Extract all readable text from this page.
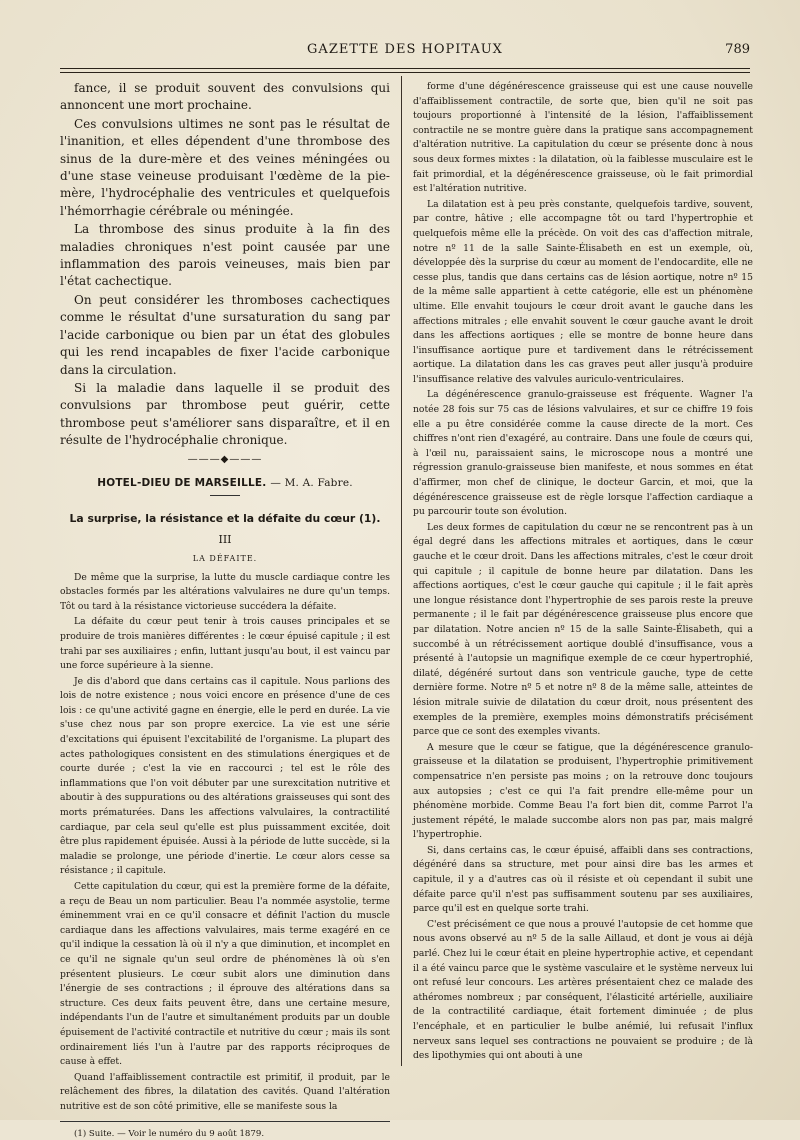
GAZETTE DES HOPITAUX	789

fance, il se produit souvent des convulsions qui annoncent une mort prochaine.

Ces convulsions ultimes ne sont pas le résultat de l'inanition, et elles dépendent d'une thrombose des sinus de la dure-mère et des veines méningées ou d'une stase veineuse produisant l'œdème de la pie-mère, l'hydrocéphalie des ventricules et quelquefois l'hémorrhagie cérébrale ou méningée.

La thrombose des sinus produite à la fin des maladies chroniques n'est point causée par une inflammation des parois veineuses, mais bien par l'état cachectique.

On peut considérer les thromboses cachectiques comme le résultat d'une sursaturation du sang par l'acide carbonique ou bien par un état des globules qui les rend incapables de fixer l'acide carbonique dans la circulation.

Si la maladie dans laquelle il se produit des convulsions par thrombose peut guérir, cette thrombose peut s'améliorer sans disparaître, et il en résulte de l'hydrocéphalie chronique.

———◆———
HOTEL-DIEU DE MARSEILLE. — M. A. Fabre.
La surprise, la résistance et la défaite du cœur (1).
III
LA DÉFAITE.

De même que la surprise, la lutte du muscle cardiaque contre les obstacles formés par les altérations valvulaires ne dure qu'un temps. Tôt ou tard à la résistance victorieuse succédera la défaite.

La défaite du cœur peut tenir à trois causes principales et se produire de trois manières différentes : le cœur épuisé capitule ; il est trahi par ses auxiliaires ; enfin, luttant jusqu'au bout, il est vaincu par une force supérieure à la sienne.

Je dis d'abord que dans certains cas il capitule. Nous parlions des lois de notre existence ; nous voici encore en présence d'une de ces lois : ce qu'une activité gagne en énergie, elle le perd en durée. La vie s'use chez nous par son propre exercice. La vie est une série d'excitations qui épuisent l'excitabilité de l'organisme. La plupart des actes pathologiques consistent en des stimulations énergiques et de courte durée ; c'est la vie en raccourci ; tel est le rôle des inflammations que l'on voit débuter par une surexcitation nutritive et aboutir à des suppurations ou des altérations graisseuses qui sont des morts prématurées. Dans les affections valvulaires, la contractilité cardiaque, par cela seul qu'elle est plus puissamment excitée, doit être plus rapidement épuisée. Aussi à la période de lutte succède, si la maladie se prolonge, une période d'inertie. Le cœur alors cesse sa résistance ; il capitule.

Cette capitulation du cœur, qui est la première forme de la défaite, a reçu de Beau un nom particulier. Beau l'a nommée asystolie, terme éminemment vrai en ce qu'il consacre et définit l'action du muscle cardiaque dans les affections valvulaires, mais terme exagéré en ce qu'il indique la cessation là où il n'y a que diminution, et incomplet en ce qu'il ne signale qu'un seul ordre de phénomènes là où s'en présentent plusieurs. Le cœur subit alors une diminution dans l'énergie de ses contractions ; il éprouve des altérations dans sa structure. Ces deux faits peuvent être, dans une certaine mesure, indépendants l'un de l'autre et simultanément produits par un double épuisement de l'activité contractile et nutritive du cœur ; mais ils sont ordinairement liés l'un à l'autre par des rapports réciproques de cause à effet.

Quand l'affaiblissement contractile est primitif, il produit, par le relâchement des fibres, la dilatation des cavités. Quand l'altération nutritive est de son côté primitive, elle se manifeste sous la

(1) Suite. — Voir le numéro du 9 août 1879.

forme d'une dégénérescence graisseuse qui est une cause nouvelle d'affaiblissement contractile, de sorte que, bien qu'il ne soit pas toujours proportionné à l'intensité de la lésion, l'affaiblissement contractile ne se montre guère dans la pratique sans accompagnement d'altération nutritive. La capitulation du cœur se présente donc à nous sous deux formes mixtes : la dilatation, où la faiblesse musculaire est le fait primordial, et la dégénérescence graisseuse, où le fait primordial est l'altération nutritive.

La dilatation est à peu près constante, quelquefois tardive, souvent, par contre, hâtive ; elle accompagne tôt ou tard l'hypertrophie et quelquefois même elle la précède. On voit des cas d'affection mitrale, notre nº 11 de la salle Sainte-Élisabeth en est un exemple, où, développée dès la surprise du cœur au moment de l'endocardite, elle ne cesse plus, tandis que dans certains cas de lésion aortique, notre nº 15 de la même salle appartient à cette catégorie, elle est un phénomène ultime. Elle envahit toujours le cœur droit avant le gauche dans les affections mitrales ; elle envahit souvent le cœur gauche avant le droit dans les affections aortiques ; elle se montre de bonne heure dans l'insuffisance aortique pure et tardivement dans le rétrécissement aortique. La dilatation dans les cas graves peut aller jusqu'à produire l'insuffisance relative des valvules auriculo-ventriculaires.

La dégénérescence granulo-graisseuse est fréquente. Wagner l'a notée 28 fois sur 75 cas de lésions valvulaires, et sur ce chiffre 19 fois elle a pu être considérée comme la cause directe de la mort. Ces chiffres n'ont rien d'exagéré, au contraire. Dans une foule de cœurs qui, à l'œil nu, paraissaient sains, le microscope nous a montré une régression granulo-graisseuse bien manifeste, et nous sommes en état d'affirmer, mon chef de clinique, le docteur Garcin, et moi, que la dégénérescence graisseuse est de règle lorsque l'affection cardiaque a pu parcourir toute son évolution.

Les deux formes de capitulation du cœur ne se rencontrent pas à un égal degré dans les affections mitrales et aortiques, dans le cœur gauche et le cœur droit. Dans les affections mitrales, c'est le cœur droit qui capitule ; il capitule de bonne heure par dilatation. Dans les affections aortiques, c'est le cœur gauche qui capitule ; il le fait après une longue résistance dont l'hypertrophie de ses parois reste la preuve permanente ; il le fait par dégénérescence graisseuse plus encore que par dilatation. Notre ancien nº 15 de la salle Sainte-Élisabeth, qui a succombé à un rétrécissement aortique doublé d'insuffisance, vous a présenté à l'autopsie un magnifique exemple de ce cœur hypertrophié, dilaté, dégénéré surtout dans son ventricule gauche, type de cette dernière forme. Notre nº 5 et notre nº 8 de la même salle, atteintes de lésion mitrale suivie de dilatation du cœur droit, nous présentent des exemples de la première, exemples moins démonstratifs précisément parce que ce sont des exemples vivants.

A mesure que le cœur se fatigue, que la dégénérescence granulo-graisseuse et la dilatation se produisent, l'hypertrophie primitivement compensatrice n'en persiste pas moins ; on la retrouve donc toujours aux autopsies ; c'est ce qui l'a fait prendre elle-même pour un phénomène morbide. Comme Beau l'a fort bien dit, comme Parrot l'a justement répété, le malade succombe alors non pas par, mais malgré l'hypertrophie.

Si, dans certains cas, le cœur épuisé, affaibli dans ses contractions, dégénéré dans sa structure, met pour ainsi dire bas les armes et capitule, il y a d'autres cas où il résiste et où cependant il subit une défaite parce qu'il n'est pas suffisamment soutenu par ses auxiliaires, parce qu'il est en quelque sorte trahi.

C'est précisément ce que nous a prouvé l'autopsie de cet homme que nous avons observé au nº 5 de la salle Aillaud, et dont je vous ai déjà parlé. Chez lui le cœur était en pleine hypertrophie active, et cependant il a été vaincu parce que le système vasculaire et le système nerveux lui ont refusé leur concours. Les artères présentaient chez ce malade des athéromes nombreux ; par conséquent, l'élasticité artérielle, auxiliaire de la contractilité cardiaque, était fortement diminuée ; de plus l'encéphale, et en particulier le bulbe anémié, lui refusait l'influx nerveux sans lequel ses contractions ne pouvaient se produire ; de là des lipothymies qui ont abouti à une
